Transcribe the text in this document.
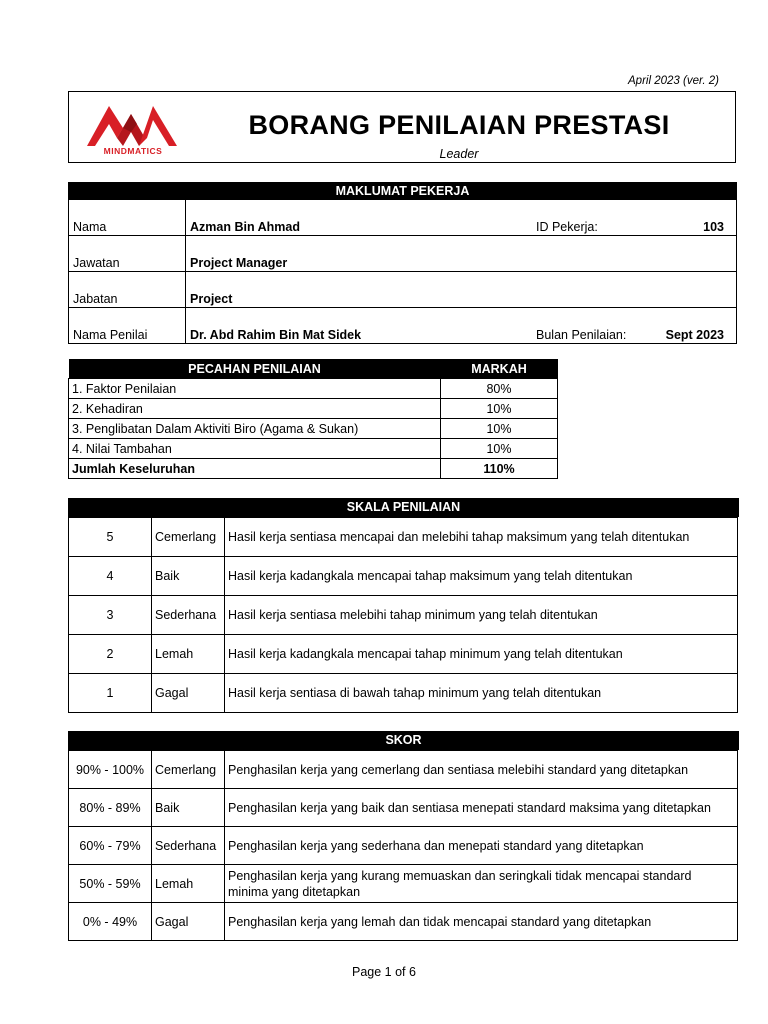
April 2023 (ver. 2)
MINDMATICS
BORANG PENILAIAN PRESTASI
Leader
MAKLUMAT PEKERJA
Nama	Azman Bin Ahmad	ID Pekerja:	103
Jawatan	Project Manager		
Jabatan	Project		
Nama Penilai	Dr. Abd Rahim Bin Mat Sidek	Bulan Penilaian:	Sept 2023
PECAHAN PENILAIAN	MARKAH
1. Faktor Penilaian	80%
2. Kehadiran	10%
3. Penglibatan Dalam Aktiviti Biro (Agama & Sukan)	10%
4. Nilai Tambahan	10%
Jumlah Keseluruhan	110%
SKALA PENILAIAN
5	Cemerlang	Hasil kerja sentiasa mencapai dan melebihi tahap maksimum yang telah ditentukan
4	Baik	Hasil kerja kadangkala mencapai tahap maksimum yang telah ditentukan
3	Sederhana	Hasil kerja sentiasa melebihi tahap minimum yang telah ditentukan
2	Lemah	Hasil kerja kadangkala mencapai tahap minimum yang telah ditentukan
1	Gagal	Hasil kerja sentiasa di bawah tahap minimum yang telah ditentukan
SKOR
90% - 100%	Cemerlang	Penghasilan kerja yang cemerlang dan sentiasa melebihi standard yang ditetapkan
80% - 89%	Baik	Penghasilan kerja yang baik dan sentiasa menepati standard maksima yang ditetapkan
60% - 79%	Sederhana	Penghasilan kerja yang sederhana dan menepati standard yang ditetapkan
50% - 59%	Lemah	Penghasilan kerja yang kurang memuaskan dan seringkali tidak mencapai standard minima yang ditetapkan
0% - 49%	Gagal	Penghasilan kerja yang lemah dan tidak mencapai standard yang ditetapkan
Page 1 of 6
